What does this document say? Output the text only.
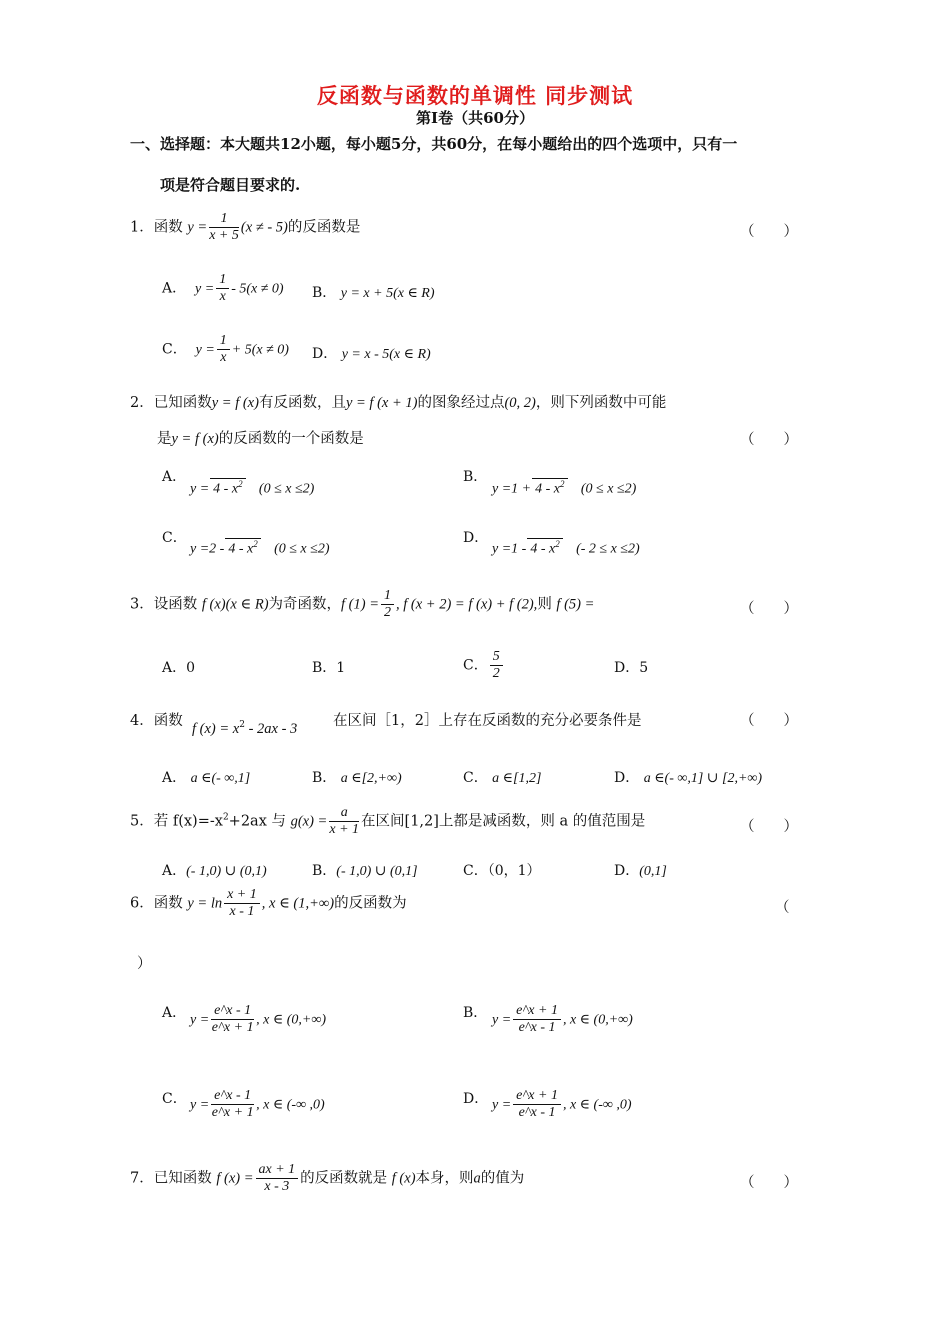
反函数与函数的单调性 同步测试
第Ⅰ卷（共60分）
一、选择题：本大题共12小题，每小题5分，共60分，在每小题给出的四个选项中，只有一
项是符合题目要求的.
1．函数 $y = \frac{1}{x + 5} (x$ ≠ - 5)的反函数是	（　　）
A． $y = \frac{1}{x} - 5(x \ne 0)$ B． y = x + 5(x ∈ R)
C． $y = \frac{1}{x} + 5(x \ne 0)$ D． y = x - 5(x ∈ R)
2．已知函数y = f (x)有反函数，且y = f (x + 1)的图象经过点(0, 2)，则下列函数中可能
是y = f (x)的反函数的一个函数是	（　　）
A．
$y = 4 - x^2$ (0 ≤ x ≤2)
B．
$y =1 + 4 - x^2$ (0 ≤ x ≤2)
C．
$y =2 - 4 - x^2$ (0 ≤ x ≤2)
D．
$y =1 - 4 - x^2$ (- 2 ≤ x ≤2)
3．设函数 f (x)(x ∈ R)为奇函数，f $(1) = \frac{1}{2}$ , f (x + 2) = f (x) + f (2),则 f (5) =	（　　）
A．0	B．1	C． $\frac{5}{2}$	D．5
4．函数 f $(x) = x^2 - 2ax - 3$ 在区间［1，2］上存在反函数的充分必要条件是	（　　）
A． a ∈(- ∞,1]	B． a ∈[2,+∞)	C． a ∈[1,2]	D． a ∈(- ∞,1] ∪ [2,+∞)
5．若 $f(x)=-x^2+2ax$ 与 $g(x) = \frac{a}{x + 1}$ 在区间[1,2]上都是减函数，则 a 的值范围是	（　　）
A．(- 1,0) ∪ (0,1)	B．(- 1,0) ∪ (0,1]	C．（0，1）	D．(0,1]
6．函数 $y = \ln \frac{x + 1}{x - 1}$ , x ∈ (1,+∞)的反函数为	（
）
A． $y = \frac{e\^{}x - 1}{e\^{}x + 1}$ , x ∈ (0,+∞)	B． $y = \frac{e\^{}x + 1}{e\^{}x - 1}$ , x ∈ (0,+∞)
C． $y = \frac{e\^{}x - 1}{e\^{}x + 1}$ , x ∈ (-∞ ,0)	D． $y = \frac{e\^{}x + 1}{e\^{}x - 1}$ , x ∈ (-∞ ,0)
7．已知函数 f $(x) = \frac{ax + 1}{x - 3}$ 的反函数就是 f (x)本身，则a的值为	（　　）
